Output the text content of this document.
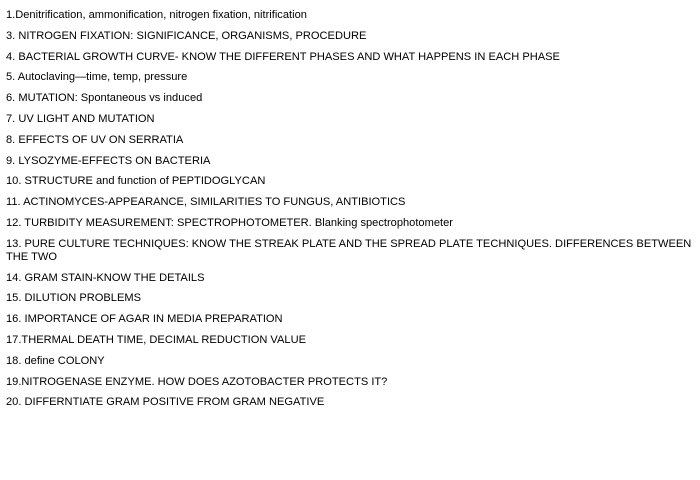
1.Denitrification, ammonification, nitrogen fixation, nitrification
3. NITROGEN FIXATION: SIGNIFICANCE, ORGANISMS, PROCEDURE
4. BACTERIAL GROWTH CURVE- KNOW THE DIFFERENT PHASES AND WHAT HAPPENS IN EACH PHASE
5. Autoclaving—time, temp, pressure
6. MUTATION: Spontaneous vs induced
7. UV LIGHT AND MUTATION
8. EFFECTS OF UV ON SERRATIA
9. LYSOZYME-EFFECTS ON BACTERIA
10. STRUCTURE and function of PEPTIDOGLYCAN
11. ACTINOMYCES-APPEARANCE, SIMILARITIES TO FUNGUS, ANTIBIOTICS
12. TURBIDITY MEASUREMENT: SPECTROPHOTOMETER. Blanking spectrophotometer
13. PURE CULTURE TECHNIQUES: KNOW THE STREAK PLATE AND THE SPREAD PLATE TECHNIQUES. DIFFERENCES BETWEEN THE TWO
14. GRAM STAIN-KNOW THE DETAILS
15. DILUTION PROBLEMS
16. IMPORTANCE OF AGAR IN MEDIA PREPARATION
17.THERMAL DEATH TIME, DECIMAL REDUCTION VALUE
18. define COLONY
19.NITROGENASE ENZYME. HOW DOES AZOTOBACTER PROTECTS IT?
20. DIFFERNTIATE GRAM POSITIVE FROM GRAM NEGATIVE
